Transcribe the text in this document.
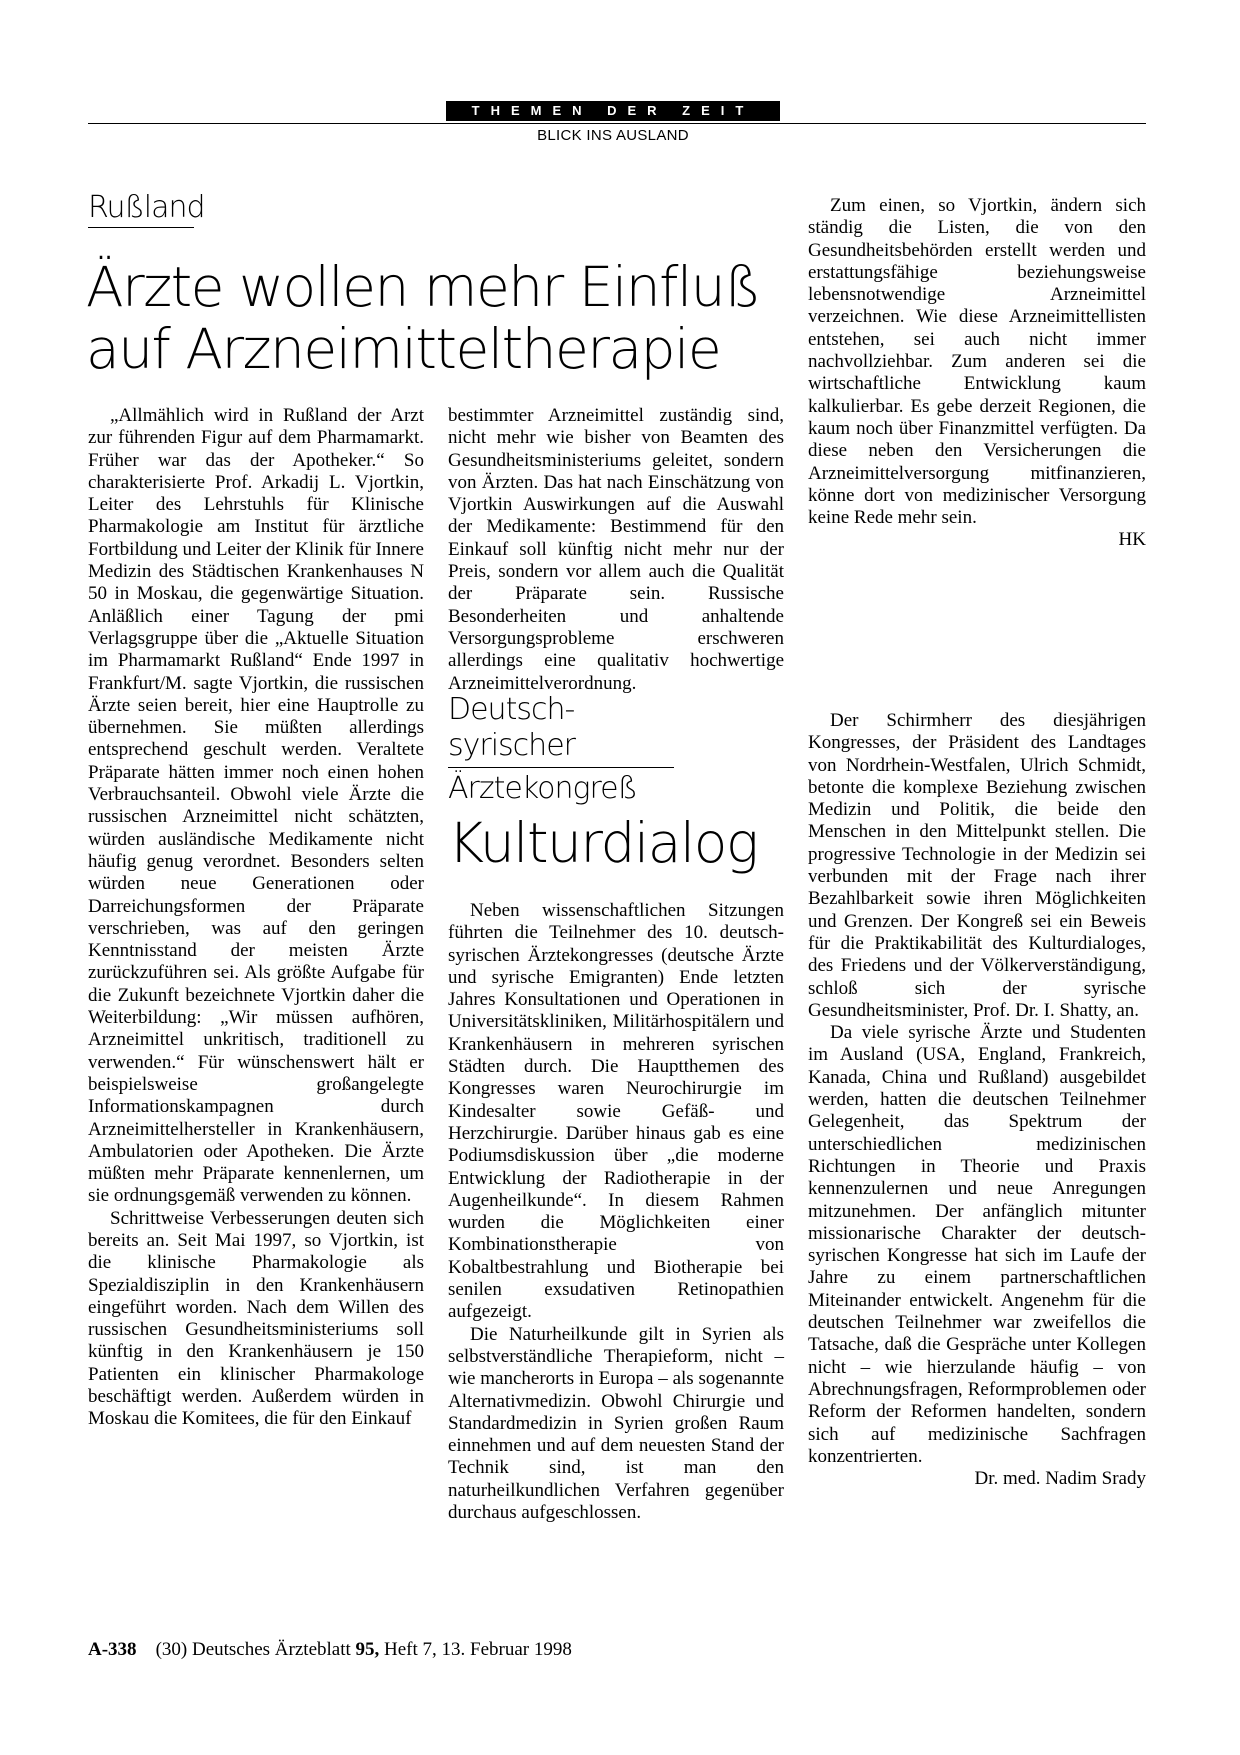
THEMEN DER ZEIT
BLICK INS AUSLAND
Rußland
Ärzte wollen mehr Einfluß
auf Arzneimitteltherapie

„Allmählich wird in Rußland der Arzt zur führenden Figur auf dem Pharmamarkt. Früher war das der Apotheker.“ So charakterisierte Prof. Arkadij L. Vjortkin, Leiter des Lehrstuhls für Klinische Pharmakologie am Institut für ärztliche Fortbildung und Leiter der Klinik für Innere Medizin des Städtischen Krankenhauses N 50 in Moskau, die gegenwärtige Situation. Anläßlich einer Tagung der pmi Verlagsgruppe über die „Aktuelle Situation im Pharmamarkt Rußland“ Ende 1997 in Frankfurt/M. sagte Vjortkin, die russischen Ärzte seien bereit, hier eine Hauptrolle zu übernehmen. Sie müßten allerdings entsprechend geschult werden. Veraltete Präparate hätten immer noch einen hohen Verbrauchsanteil. Obwohl viele Ärzte die russischen Arzneimittel nicht schätzten, würden ausländische Medikamente nicht häufig genug verordnet. Besonders selten würden neue Generationen oder Darreichungsformen der Präparate verschrieben, was auf den geringen Kenntnisstand der meisten Ärzte zurückzuführen sei. Als größte Aufgabe für die Zukunft bezeichnete Vjortkin daher die Weiterbildung: „Wir müssen aufhören, Arzneimittel unkritisch, traditionell zu verwenden.“ Für wünschenswert hält er beispielsweise großangelegte Informationskampagnen durch Arzneimittelhersteller in Krankenhäusern, Ambulatorien oder Apotheken. Die Ärzte müßten mehr Präparate kennenlernen, um sie ordnungsgemäß verwenden zu können.

Schrittweise Verbesserungen deuten sich bereits an. Seit Mai 1997, so Vjortkin, ist die klinische Pharmakologie als Spezialdisziplin in den Krankenhäusern eingeführt worden. Nach dem Willen des russischen Gesundheitsministeriums soll künftig in den Krankenhäusern je 150 Patienten ein klinischer Pharmakologe beschäftigt werden. Außerdem würden in Moskau die Komitees, die für den Einkauf

bestimmter Arzneimittel zuständig sind, nicht mehr wie bisher von Beamten des Gesundheitsministeriums geleitet, sondern von Ärzten. Das hat nach Einschätzung von Vjortkin Auswirkungen auf die Auswahl der Medikamente: Bestimmend für den Einkauf soll künftig nicht mehr nur der Preis, sondern vor allem auch die Qualität der Präparate sein. Russische Besonderheiten und anhaltende Versorgungsprobleme erschweren allerdings eine qualitativ hochwertige Arzneimittelverordnung.

Zum einen, so Vjortkin, ändern sich ständig die Listen, die von den Gesundheitsbehörden erstellt werden und erstattungsfähige beziehungsweise lebensnotwendige Arzneimittel verzeichnen. Wie diese Arzneimittellisten entstehen, sei auch nicht immer nachvollziehbar. Zum anderen sei die wirtschaftliche Entwicklung kaum kalkulierbar. Es gebe derzeit Regionen, die kaum noch über Finanzmittel verfügten. Da diese neben den Versicherungen die Arzneimittelversorgung mitfinanzieren, könne dort von medizinischer Versorgung keine Rede mehr sein.

HK

Deutsch-syrischer
Ärztekongreß
Kulturdialog

Neben wissenschaftlichen Sitzungen führten die Teilnehmer des 10. deutsch-syrischen Ärztekongresses (deutsche Ärzte und syrische Emigranten) Ende letzten Jahres Konsultationen und Operationen in Universitätskliniken, Militärhospitälern und Krankenhäusern in mehreren syrischen Städten durch. Die Hauptthemen des Kongresses waren Neurochirurgie im Kindesalter sowie Gefäß- und Herzchirurgie. Darüber hinaus gab es eine Podiumsdiskussion über „die moderne Entwicklung der Radiotherapie in der Augenheilkunde“. In diesem Rahmen wurden die Möglichkeiten einer Kombinationstherapie von Kobaltbestrahlung und Biotherapie bei senilen exsudativen Retinopathien aufgezeigt.

Die Naturheilkunde gilt in Syrien als selbstverständliche Therapieform, nicht – wie mancherorts in Europa – als sogenannte Alternativmedizin. Obwohl Chirurgie und Standardmedizin in Syrien großen Raum einnehmen und auf dem neuesten Stand der Technik sind, ist man den naturheilkundlichen Verfahren gegenüber durchaus aufgeschlossen.

Der Schirmherr des diesjährigen Kongresses, der Präsident des Landtages von Nordrhein-Westfalen, Ulrich Schmidt, betonte die komplexe Beziehung zwischen Medizin und Politik, die beide den Menschen in den Mittelpunkt stellen. Die progressive Technologie in der Medizin sei verbunden mit der Frage nach ihrer Bezahlbarkeit sowie ihren Möglichkeiten und Grenzen. Der Kongreß sei ein Beweis für die Praktikabilität des Kulturdialoges, des Friedens und der Völkerverständigung, schloß sich der syrische Gesundheitsminister, Prof. Dr. I. Shatty, an.

Da viele syrische Ärzte und Studenten im Ausland (USA, England, Frankreich, Kanada, China und Rußland) ausgebildet werden, hatten die deutschen Teilnehmer Gelegenheit, das Spektrum der unterschiedlichen medizinischen Richtungen in Theorie und Praxis kennenzulernen und neue Anregungen mitzunehmen. Der anfänglich mitunter missionarische Charakter der deutsch-syrischen Kongresse hat sich im Laufe der Jahre zu einem partnerschaftlichen Miteinander entwickelt. Angenehm für die deutschen Teilnehmer war zweifellos die Tatsache, daß die Gespräche unter Kollegen nicht – wie hierzulande häufig – von Abrechnungsfragen, Reformproblemen oder Reform der Reformen handelten, sondern sich auf medizinische Sachfragen konzentrierten.

Dr. med. Nadim Srady

A-338 (30) Deutsches Ärzteblatt 95, Heft 7, 13. Februar 1998
